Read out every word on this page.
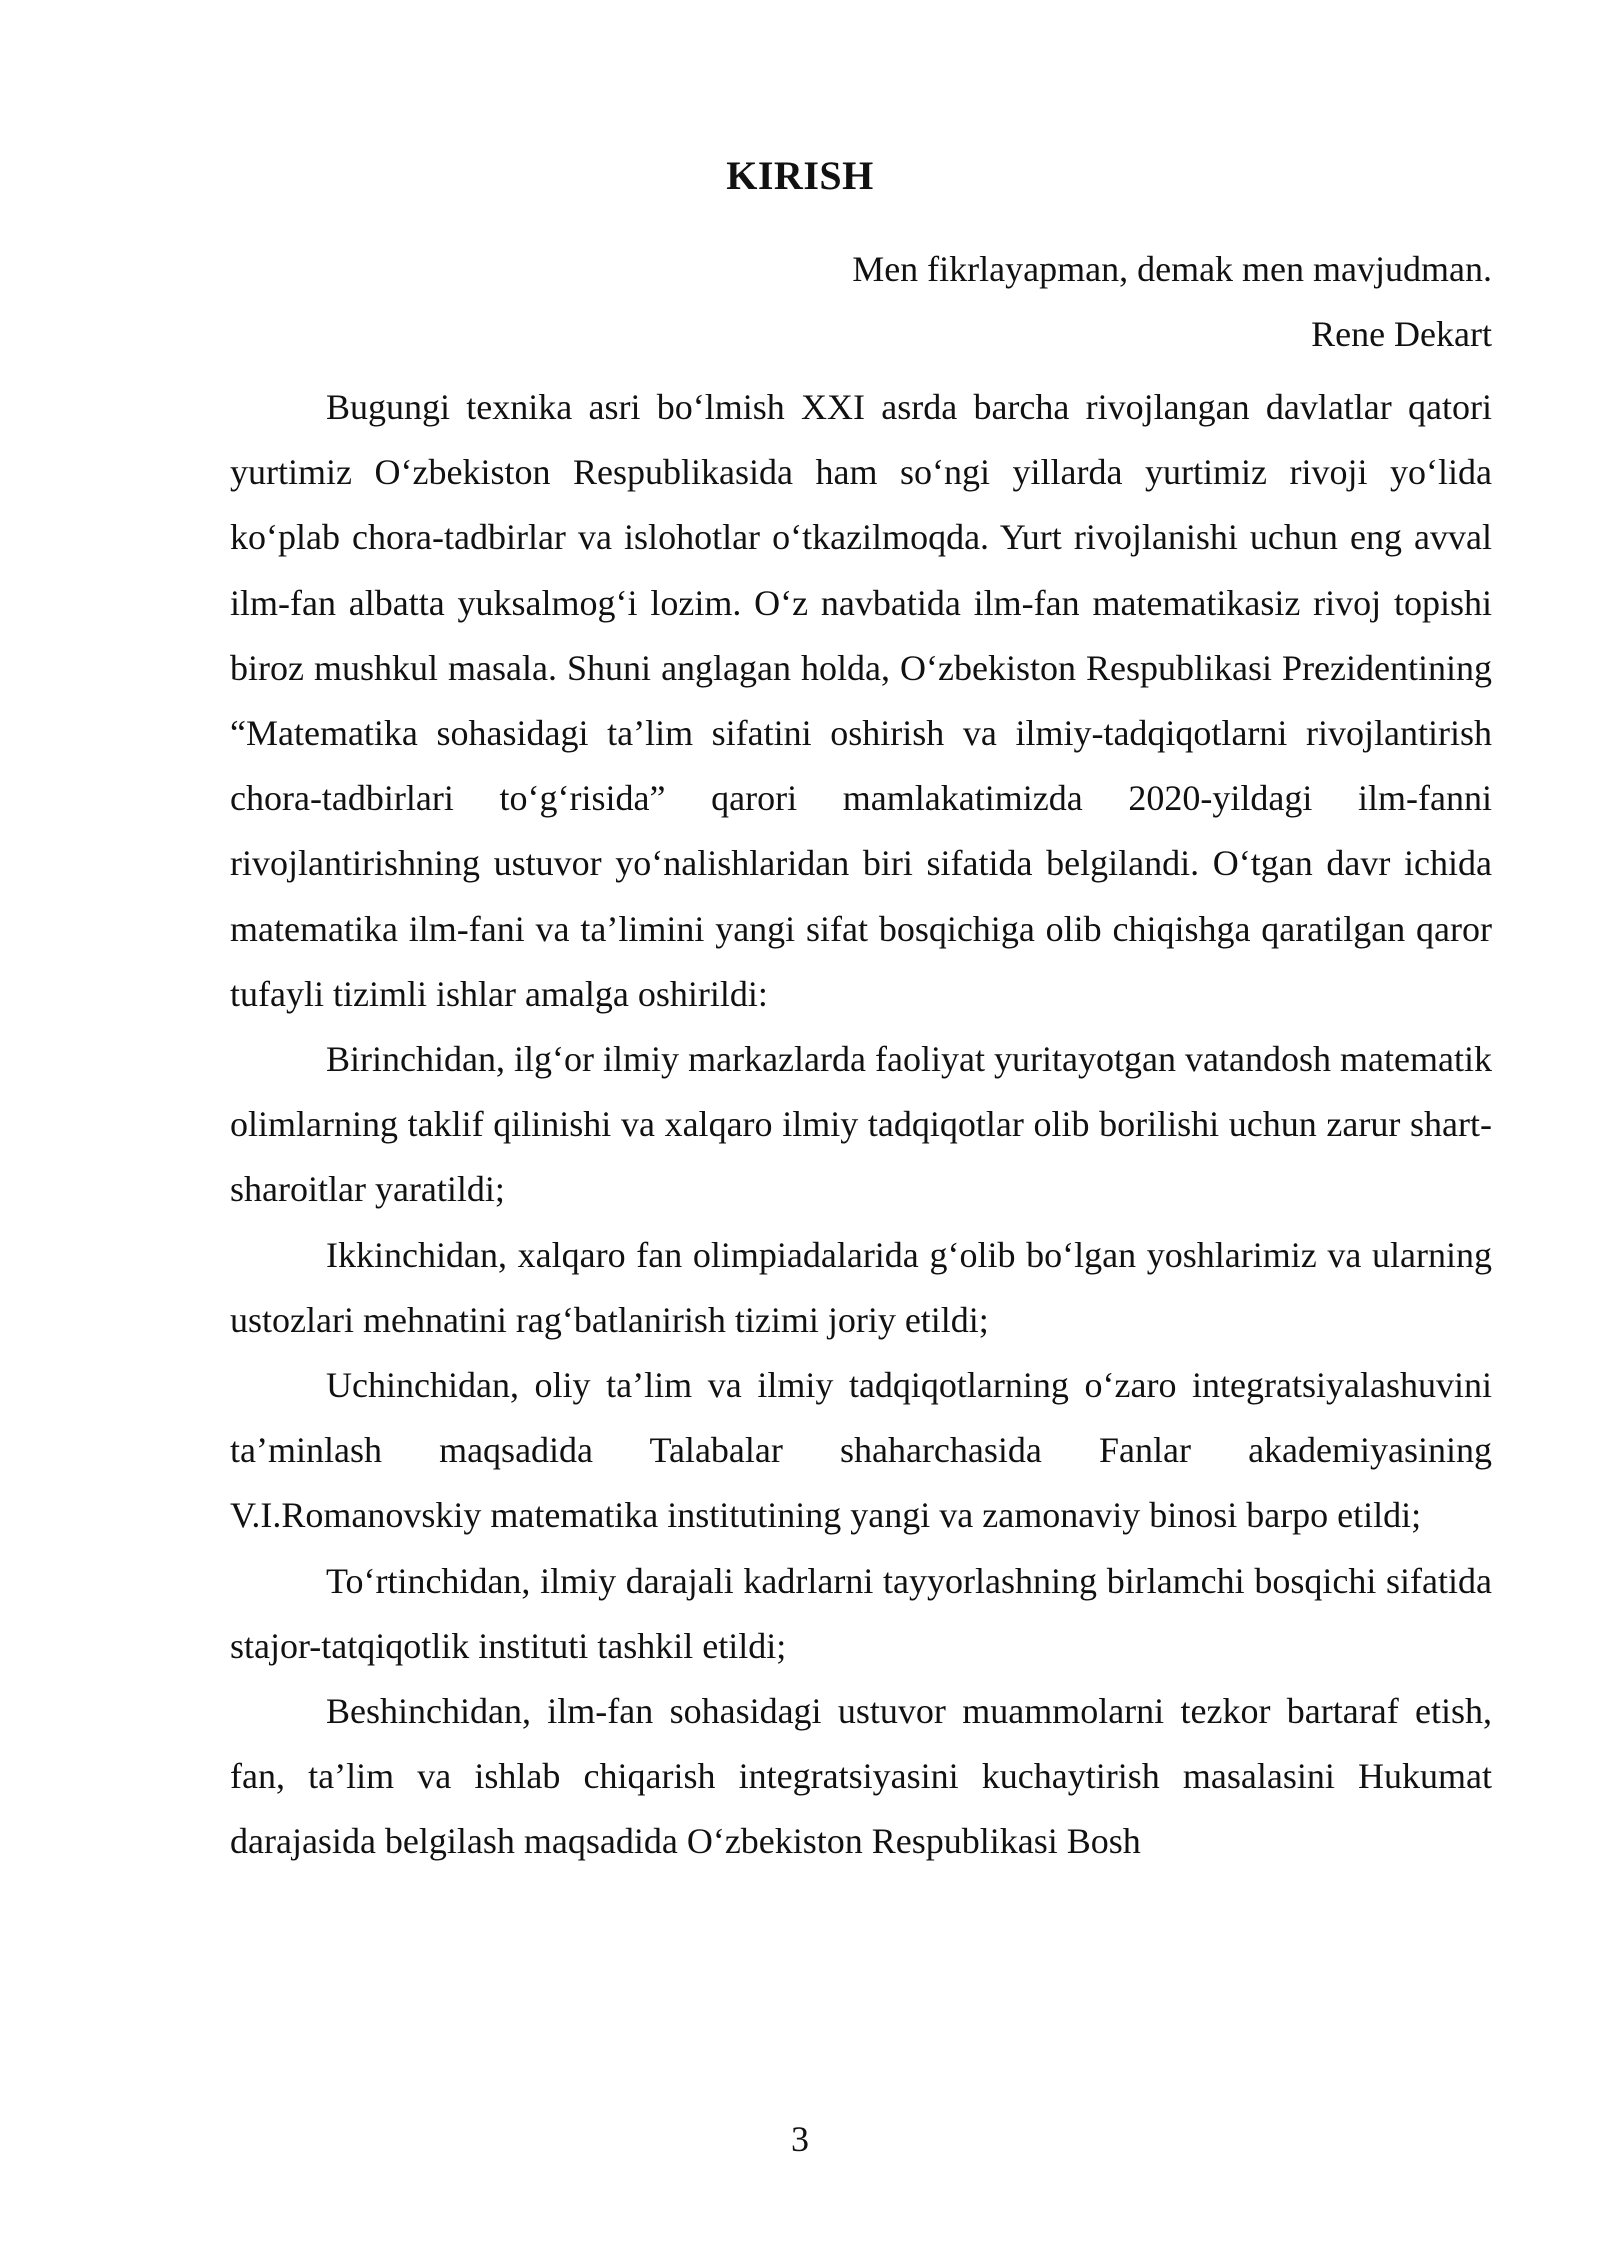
KIRISH
Men fikrlayapman, demak men mavjudman.
Rene Dekart

Bugungi texnika asri bo‘lmish XXI asrda barcha rivojlangan davlatlar qatori yurtimiz O‘zbekiston Respublikasida ham so‘ngi yillarda yurtimiz rivoji yo‘lida ko‘plab chora-tadbirlar va islohotlar o‘tkazilmoqda. Yurt rivojlanishi uchun eng avval ilm-fan albatta yuksalmog‘i lozim. O‘z navbatida ilm-fan matematikasiz rivoj topishi biroz mushkul masala. Shuni anglagan holda, O‘zbekiston Respublikasi Prezidentining “Matematika sohasidagi ta’lim sifatini oshirish va ilmiy-tadqiqotlarni rivojlantirish chora-tadbirlari to‘g‘risida” qarori mamlakatimizda 2020-yildagi ilm-fanni rivojlantirishning ustuvor yo‘nalishlaridan biri sifatida belgilandi. O‘tgan davr ichida matematika ilm-fani va ta’limini yangi sifat bosqichiga olib chiqishga qaratilgan qaror tufayli tizimli ishlar amalga oshirildi:

Birinchidan, ilg‘or ilmiy markazlarda faoliyat yuritayotgan vatandosh matematik olimlarning taklif qilinishi va xalqaro ilmiy tadqiqotlar olib borilishi uchun zarur shart-sharoitlar yaratildi;

Ikkinchidan, xalqaro fan olimpiadalarida g‘olib bo‘lgan yoshlarimiz va ularning ustozlari mehnatini rag‘batlanirish tizimi joriy etildi;

Uchinchidan, oliy ta’lim va ilmiy tadqiqotlarning o‘zaro integratsiyalashuvini ta’minlash maqsadida Talabalar shaharchasida Fanlar akademiyasining V.I.Romanovskiy matematika institutining yangi va zamonaviy binosi barpo etildi;

To‘rtinchidan, ilmiy darajali kadrlarni tayyorlashning birlamchi bosqichi sifatida stajor-tatqiqotlik instituti tashkil etildi;

Beshinchidan, ilm-fan sohasidagi ustuvor muammolarni tezkor bartaraf etish, fan, ta’lim va ishlab chiqarish integratsiyasini kuchaytirish masalasini Hukumat darajasida belgilash maqsadida O‘zbekiston Respublikasi Bosh

3
